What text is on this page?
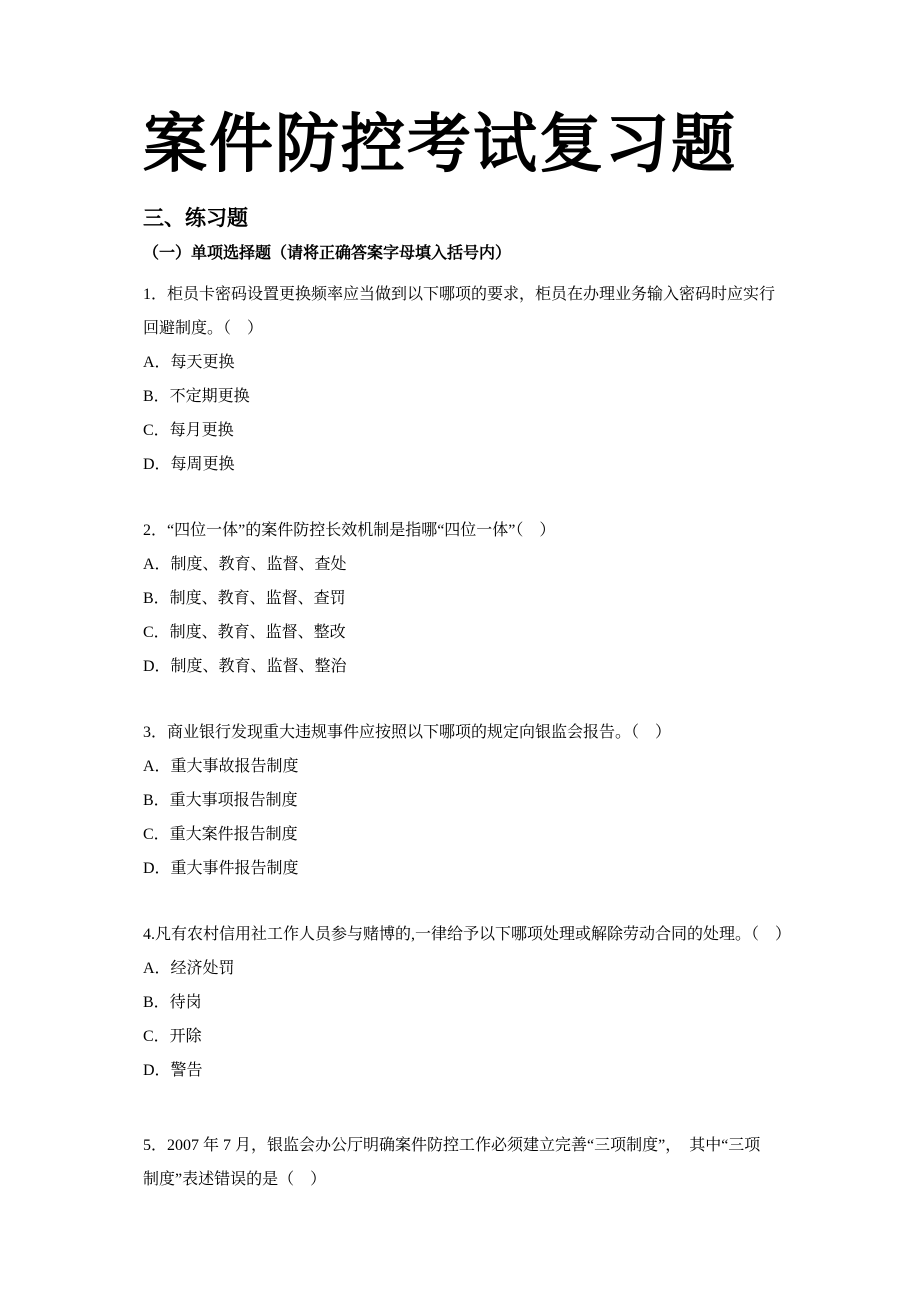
案件防控考试复习题
三、练习题
（一）单项选择题（请将正确答案字母填入括号内）

1．柜员卡密码设置更换频率应当做到以下哪项的要求，柜员在办理业务输入密码时应实行

回避制度。（　）

A．每天更换

B．不定期更换

C．每月更换

D．每周更换

2．“四位一体”的案件防控长效机制是指哪“四位一体”（　）

A．制度、教育、监督、查处

B．制度、教育、监督、查罚

C．制度、教育、监督、整改

D．制度、教育、监督、整治

3．商业银行发现重大违规事件应按照以下哪项的规定向银监会报告。（　）

A．重大事故报告制度

B．重大事项报告制度

C．重大案件报告制度

D．重大事件报告制度

4.凡有农村信用社工作人员参与赌博的,一律给予以下哪项处理或解除劳动合同的处理。（　）

A．经济处罚

B．待岗

C．开除

D．警告

5．2007 年 7 月，银监会办公厅明确案件防控工作必须建立完善“三项制度”，　其中“三项

制度”表述错误的是（　）
